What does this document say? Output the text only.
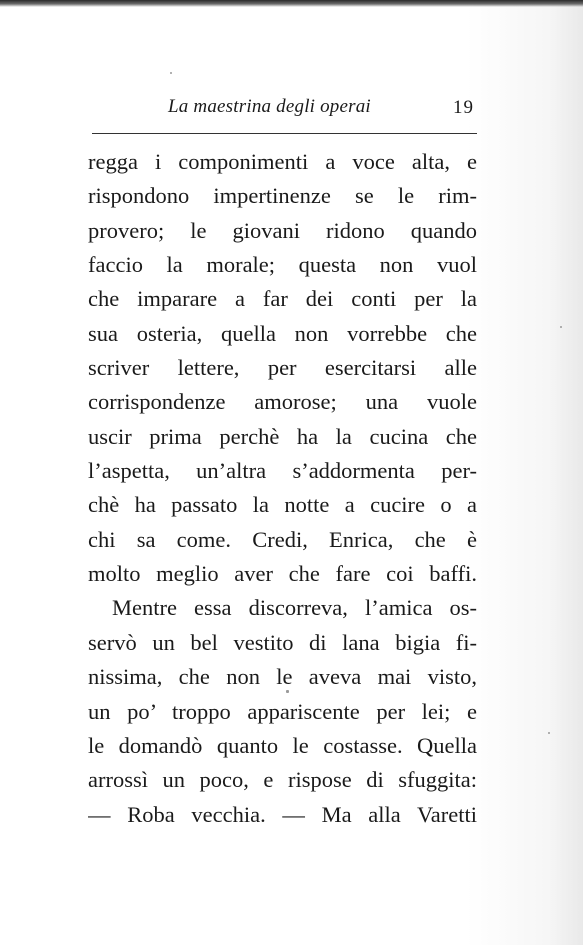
La maestrina degli operai	19
regga i componimenti a voce alta, e
rispondono impertinenze se le rim-
provero; le giovani ridono quando
faccio la morale; questa non vuol
che imparare a far dei conti per la
sua osteria, quella non vorrebbe che
scriver lettere, per esercitarsi alle
corrispondenze amorose; una vuole
uscir prima perchè ha la cucina che
l’aspetta, un’altra s’addormenta per-
chè ha passato la notte a cucire o a
chi sa come. Credi, Enrica, che è
molto meglio aver che fare coi baffi.
Mentre essa discorreva, l’amica os-
servò un bel vestito di lana bigia fi-
nissima, che non le aveva mai visto,
un po’ troppo appariscente per lei; e
le domandò quanto le costasse. Quella
arrossì un poco, e rispose di sfuggita:
— Roba vecchia. — Ma alla Varetti
